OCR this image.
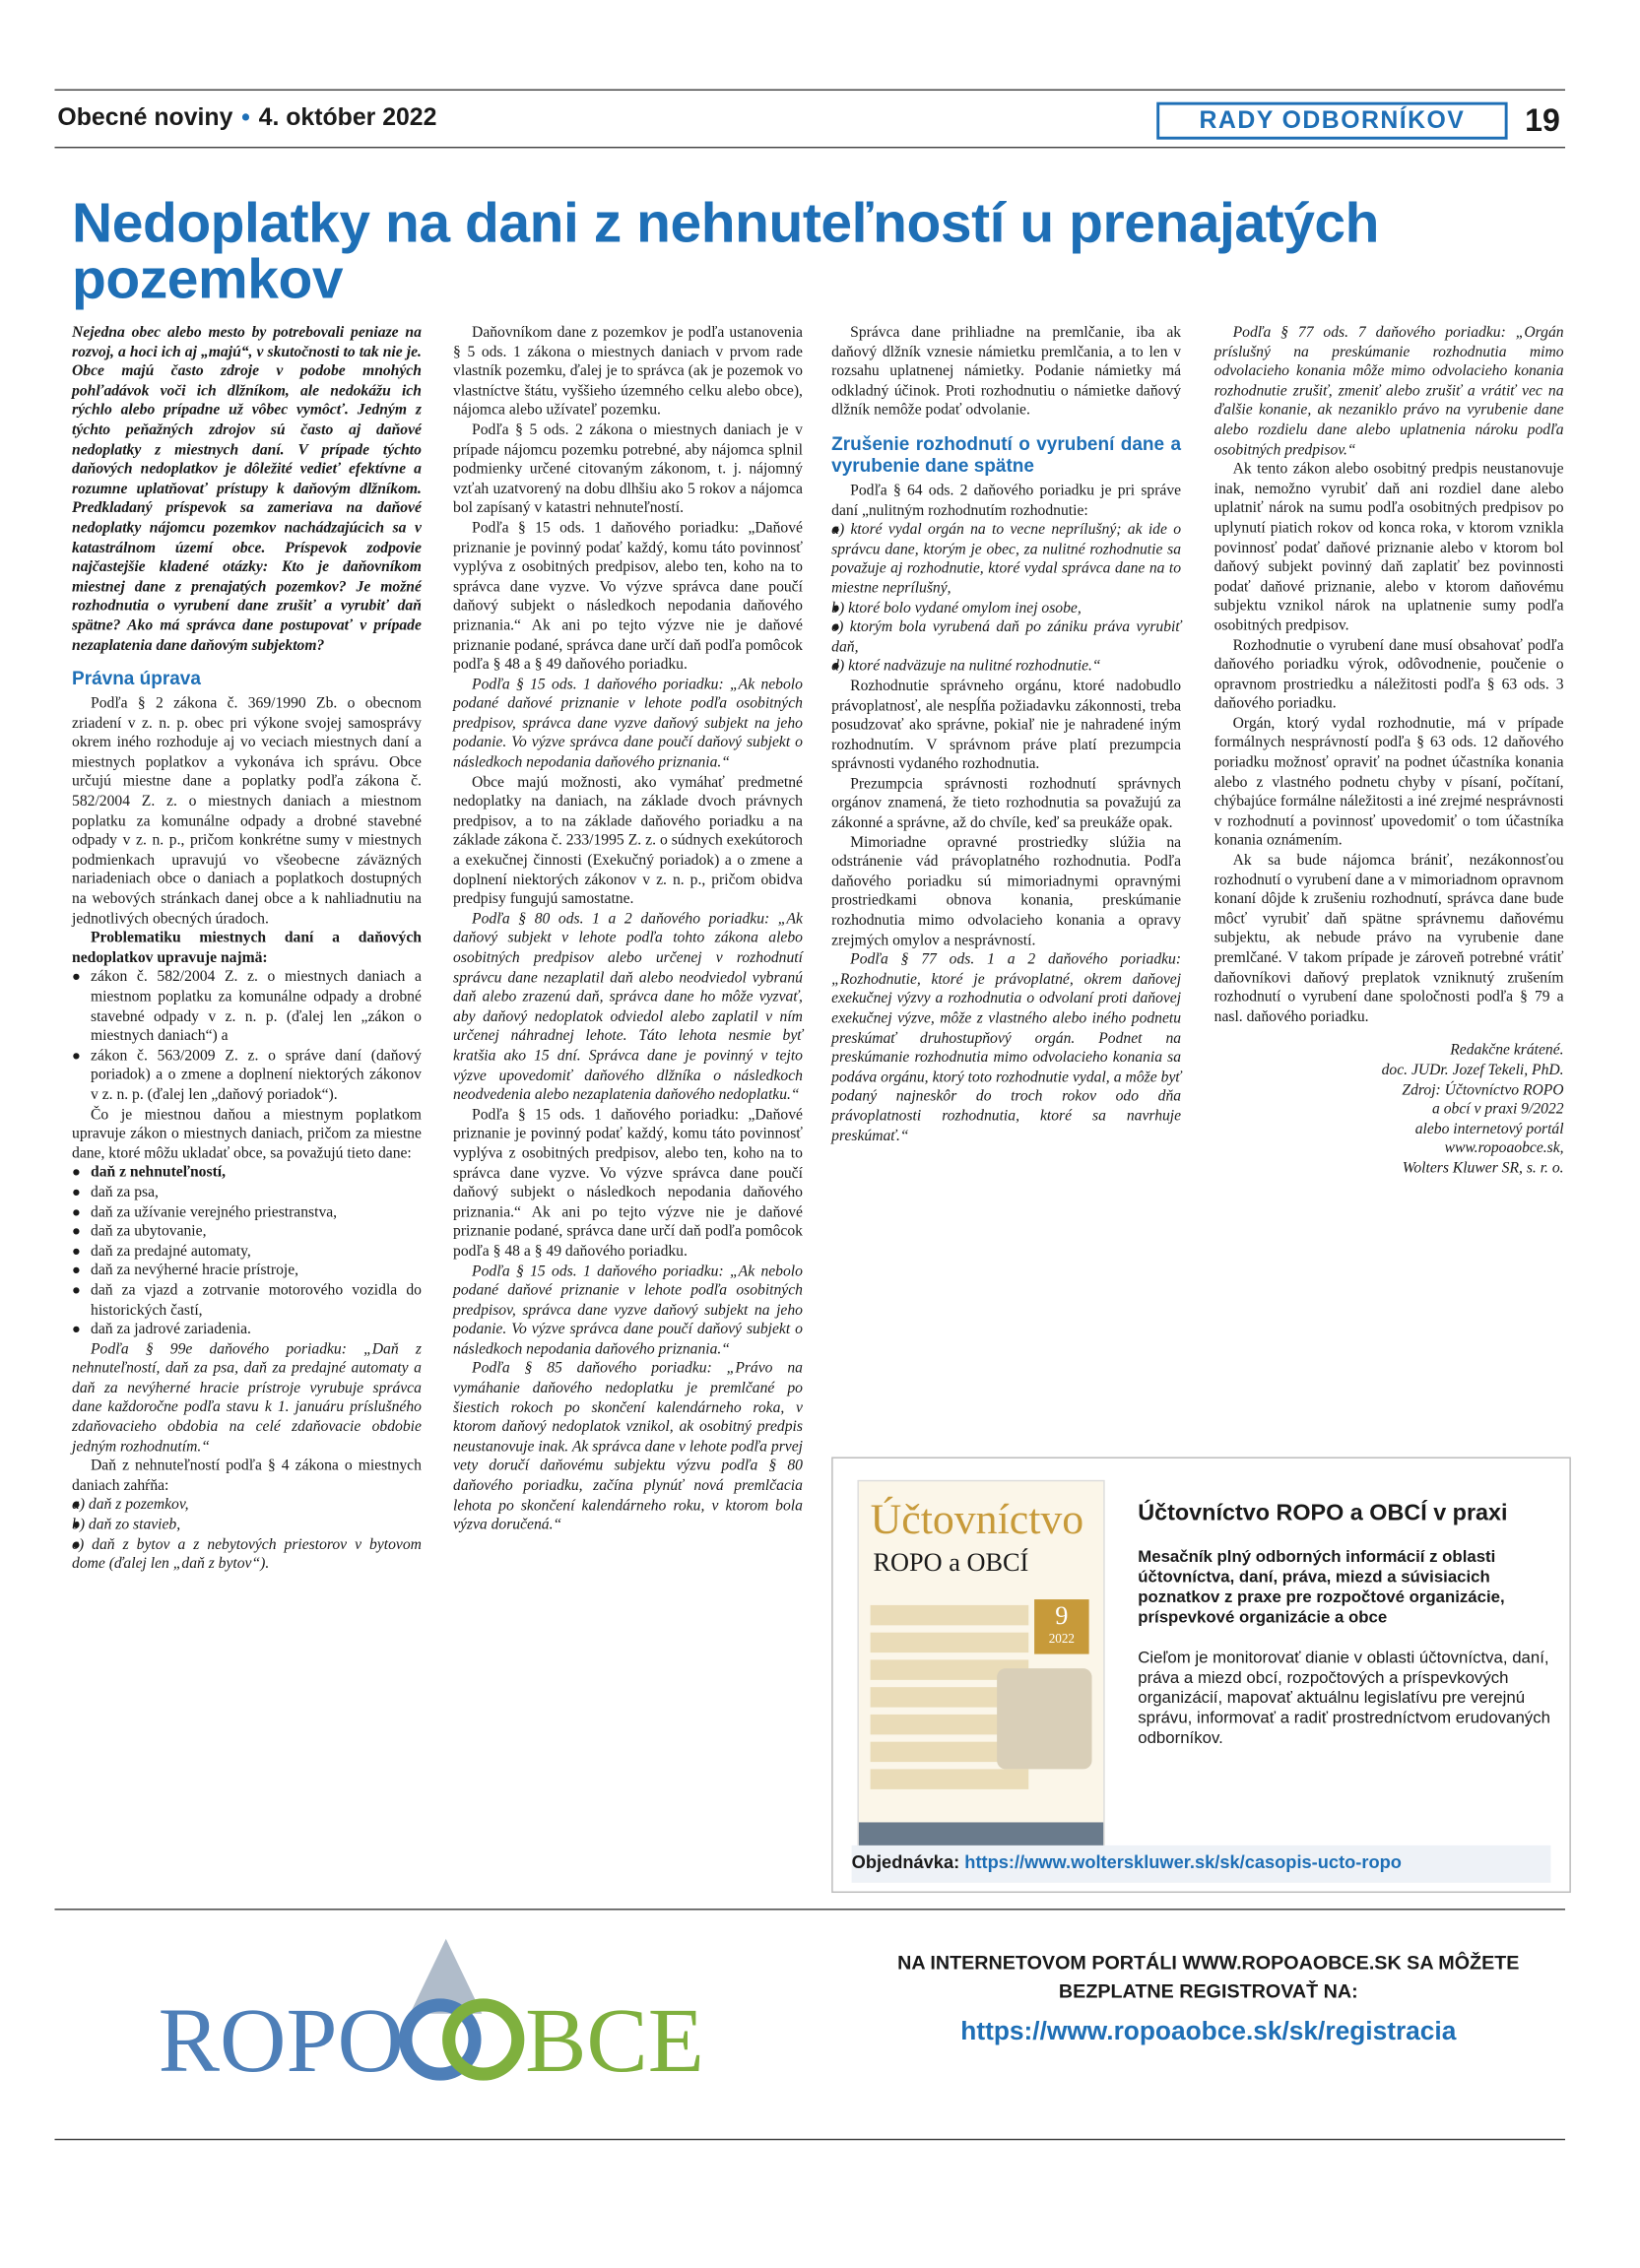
Obecné noviny • 4. október 2022	RADY ODBORNÍKOV	19
Nedoplatky na dani z nehnuteľností u prenajatých pozemkov

Nejedna obec alebo mesto by potrebovali peniaze na rozvoj, a hoci ich aj „majú“, v skutočnosti to tak nie je. Obce majú často zdroje v podobe mnohých pohľadávok voči ich dlžníkom, ale nedokážu ich rýchlo alebo prípadne už vôbec vymôcť. Jedným z týchto peňažných zdrojov sú často aj daňové nedoplatky z miestnych daní. V prípade týchto daňových nedoplatkov je dôležité vedieť efektívne a rozumne uplatňovať prístupy k daňovým dlžníkom. Predkladaný príspevok sa zameriava na daňové nedoplatky nájomcu pozemkov nachádzajúcich sa v katastrálnom území obce. Príspevok zodpovie najčastejšie kladené otázky: Kto je daňovníkom miestnej dane z prenajatých pozemkov? Je možné rozhodnutia o vyrubení dane zrušiť a vyrubiť daň spätne? Ako má správca dane postupovať v prípade nezaplatenia dane daňovým subjektom?

Právna úprava

Podľa § 2 zákona č. 369/1990 Zb. o obecnom zriadení v z. n. p. obec pri výkone svojej samosprávy okrem iného rozhoduje aj vo veciach miestnych daní a miestnych poplatkov a vykonáva ich správu. Obce určujú miestne dane a poplatky podľa zákona č. 582/2004 Z. z. o miestnych daniach a miestnom poplatku za komunálne odpady a drobné stavebné odpady v z. n. p., pričom konkrétne sumy v miestnych podmienkach upravujú vo všeobecne záväzných nariadeniach obce o daniach a poplatkoch dostupných na webových stránkach danej obce a k nahliadnutiu na jednotlivých obecných úradoch.

Problematiku miestnych daní a daňových nedoplatkov upravuje najmä:

● zákon č. 582/2004 Z. z. o miestnych daniach a miestnom poplatku za komunálne odpady a drobné stavebné odpady v z. n. p. (ďalej len „zákon o miestnych daniach“) a
● zákon č. 563/2009 Z. z. o správe daní (daňový poriadok) a o zmene a doplnení niektorých zákonov v z. n. p. (ďalej len „daňový poriadok“).

Čo je miestnou daňou a miestnym poplatkom upravuje zákon o miestnych daniach, pričom za miestne dane, ktoré môžu ukladať obce, sa považujú tieto dane:

● daň z nehnuteľností,
● daň za psa,
● daň za užívanie verejného priestranstva,
● daň za ubytovanie,
● daň za predajné automaty,
● daň za nevýherné hracie prístroje,
● daň za vjazd a zotrvanie motorového vozidla do historických častí,
● daň za jadrové zariadenia.

Podľa § 99e daňového poriadku: „Daň z nehnuteľností, daň za psa, daň za predajné automaty a daň za nevýherné hracie prístroje vyrubuje správca dane každoročne podľa stavu k 1. januáru príslušného zdaňovacieho obdobia na celé zdaňovacie obdobie jedným rozhodnutím.“

Daň z nehnuteľností podľa § 4 zákona o miestnych daniach zahŕňa:

● a) daň z pozemkov,
● b) daň zo stavieb,
● c) daň z bytov a z nebytových priestorov v bytovom dome (ďalej len „daň z bytov“).

Daňovníkom dane z pozemkov je podľa ustanovenia § 5 ods. 1 zákona o miestnych daniach v prvom rade vlastník pozemku, ďalej je to správca (ak je pozemok vo vlastníctve štátu, vyššieho územného celku alebo obce), nájomca alebo užívateľ pozemku.

Podľa § 5 ods. 2 zákona o miestnych daniach je v prípade nájomcu pozemku potrebné, aby nájomca splnil podmienky určené citovaným zákonom, t. j. nájomný vzťah uzatvorený na dobu dlhšiu ako 5 rokov a nájomca bol zapísaný v katastri nehnuteľností.

Podľa § 15 ods. 1 daňového poriadku: „Daňové priznanie je povinný podať každý, komu táto povinnosť vyplýva z osobitných predpisov, alebo ten, koho na to správca dane vyzve. Vo výzve správca dane poučí daňový subjekt o následkoch nepodania daňového priznania.“ Ak ani po tejto výzve nie je daňové priznanie podané, správca dane určí daň podľa pomôcok podľa § 48 a § 49 daňového poriadku.

Podľa § 15 ods. 1 daňového poriadku: „Ak nebolo podané daňové priznanie v lehote podľa osobitných predpisov, správca dane vyzve daňový subjekt na jeho podanie. Vo výzve správca dane poučí daňový subjekt o následkoch nepodania daňového priznania.“

Obce majú možnosti, ako vymáhať predmetné nedoplatky na daniach, na základe dvoch právnych predpisov, a to na základe daňového poriadku a na základe zákona č. 233/1995 Z. z. o súdnych exekútoroch a exekučnej činnosti (Exekučný poriadok) a o zmene a doplnení niektorých zákonov v z. n. p., pričom obidva predpisy fungujú samostatne.

Podľa § 80 ods. 1 a 2 daňového poriadku: „Ak daňový subjekt v lehote podľa tohto zákona alebo osobitných predpisov alebo určenej v rozhodnutí správcu dane nezaplatil daň alebo neodviedol vybranú daň alebo zrazenú daň, správca dane ho môže vyzvať, aby daňový nedoplatok odviedol alebo zaplatil v ním určenej náhradnej lehote. Táto lehota nesmie byť kratšia ako 15 dní. Správca dane je povinný v tejto výzve upovedomiť daňového dlžníka o následkoch neodvedenia alebo nezaplatenia daňového nedoplatku.“

Podľa § 15 ods. 1 daňového poriadku: „Daňové priznanie je povinný podať každý, komu táto povinnosť vyplýva z osobitných predpisov, alebo ten, koho na to správca dane vyzve. Vo výzve správca dane poučí daňový subjekt o následkoch nepodania daňového priznania.“ Ak ani po tejto výzve nie je daňové priznanie podané, správca dane určí daň podľa pomôcok podľa § 48 a § 49 daňového poriadku.

Podľa § 15 ods. 1 daňového poriadku: „Ak nebolo podané daňové priznanie v lehote podľa osobitných predpisov, správca dane vyzve daňový subjekt na jeho podanie. Vo výzve správca dane poučí daňový subjekt o následkoch nepodania daňového priznania.“

Podľa § 85 daňového poriadku: „Právo na vymáhanie daňového nedoplatku je premlčané po šiestich rokoch po skončení kalendárneho roka, v ktorom daňový nedoplatok vznikol, ak osobitný predpis neustanovuje inak. Ak správca dane v lehote podľa prvej vety doručí daňovému subjektu výzvu podľa § 80 daňového poriadku, začína plynúť nová premlčacia lehota po skončení kalendárneho roku, v ktorom bola výzva doručená.“

Správca dane prihliadne na premlčanie, iba ak daňový dlžník vznesie námietku premlčania, a to len v rozsahu uplatnenej námietky. Podanie námietky má odkladný účinok. Proti rozhodnutiu o námietke daňový dlžník nemôže podať odvolanie.

Zrušenie rozhodnutí o vyrubení dane a vyrubenie dane spätne

Podľa § 64 ods. 2 daňového poriadku je pri správe daní „nulitným rozhodnutím rozhodnutie:

● a) ktoré vydal orgán na to vecne neprílušný; ak ide o správcu dane, ktorým je obec, za nulitné rozhodnutie sa považuje aj rozhodnutie, ktoré vydal správca dane na to miestne neprílušný,
● b) ktoré bolo vydané omylom inej osobe,
● c) ktorým bola vyrubená daň po zániku práva vyrubiť daň,
● d) ktoré nadväzuje na nulitné rozhodnutie.“

Rozhodnutie správneho orgánu, ktoré nadobudlo právoplatnosť, ale nespĺňa požiadavku zákonnosti, treba posudzovať ako správne, pokiaľ nie je nahradené iným rozhodnutím. V správnom práve platí prezumpcia správnosti vydaného rozhodnutia.

Prezumpcia správnosti rozhodnutí správnych orgánov znamená, že tieto rozhodnutia sa považujú za zákonné a správne, až do chvíle, keď sa preukáže opak.

Mimoriadne opravné prostriedky slúžia na odstránenie vád právoplatného rozhodnutia. Podľa daňového poriadku sú mimoriadnymi opravnými prostriedkami obnova konania, preskúmanie rozhodnutia mimo odvolacieho konania a opravy zrejmých omylov a nesprávností.

Podľa § 77 ods. 1 a 2 daňového poriadku: „Rozhodnutie, ktoré je právoplatné, okrem daňovej exekučnej výzvy a rozhodnutia o odvolaní proti daňovej exekučnej výzve, môže z vlastného alebo iného podnetu preskúmať druhostupňový orgán. Podnet na preskúmanie rozhodnutia mimo odvolacieho konania sa podáva orgánu, ktorý toto rozhodnutie vydal, a môže byť podaný najneskôr do troch rokov odo dňa právoplatnosti rozhodnutia, ktoré sa navrhuje preskúmať.“

Podľa § 77 ods. 7 daňového poriadku: „Orgán príslušný na preskúmanie rozhodnutia mimo odvolacieho konania môže mimo odvolacieho konania rozhodnutie zrušiť, zmeniť alebo zrušiť a vrátiť vec na ďalšie konanie, ak nezaniklo právo na vyrubenie dane alebo rozdielu dane alebo uplatnenia nároku podľa osobitných predpisov.“

Ak tento zákon alebo osobitný predpis neustanovuje inak, nemožno vyrubiť daň ani rozdiel dane alebo uplatniť nárok na sumu podľa osobitných predpisov po uplynutí piatich rokov od konca roka, v ktorom vznikla povinnosť podať daňové priznanie alebo v ktorom bol daňový subjekt povinný daň zaplatiť bez povinnosti podať daňové priznanie, alebo v ktorom daňovému subjektu vznikol nárok na uplatnenie sumy podľa osobitných predpisov.

Rozhodnutie o vyrubení dane musí obsahovať podľa daňového poriadku výrok, odôvodnenie, poučenie o opravnom prostriedku a náležitosti podľa § 63 ods. 3 daňového poriadku.

Orgán, ktorý vydal rozhodnutie, má v prípade formálnych nesprávností podľa § 63 ods. 12 daňového poriadku možnosť opraviť na podnet účastníka konania alebo z vlastného podnetu chyby v písaní, počítaní, chýbajúce formálne náležitosti a iné zrejmé nesprávnosti v rozhodnutí a povinnosť upovedomiť o tom účastníka konania oznámením.

Ak sa bude nájomca brániť, nezákonnosťou rozhodnutí o vyrubení dane a v mimoriadnom opravnom konaní dôjde k zrušeniu rozhodnutí, správca dane bude môcť vyrubiť daň spätne správnemu daňovému subjektu, ak nebude právo na vyrubenie dane premlčané. V takom prípade je zároveň potrebné vrátiť daňovníkovi daňový preplatok vzniknutý zrušením rozhodnutí o vyrubení dane spoločnosti podľa § 79 a nasl. daňového poriadku.

Redakčne krátené.

doc. JUDr. Jozef Tekeli, PhD.

Zdroj: Účtovníctvo ROPO

a obcí v praxi 9/2022

alebo internetový portál

www.ropoaobce.sk,

Wolters Kluwer SR, s. r. o.

Účtovníctvo
ROPO a OBCÍ
9
2022
Účtovníctvo ROPO a OBCÍ v praxi
Mesačník plný odborných informácií z oblasti účtovníctva, daní, práva, miezd a súvisiacich poznatkov z praxe pre rozpočtové organizácie, príspevkové organizácie a obce
Cieľom je monitorovať dianie v oblasti účtovníctva, daní, práva a miezd obcí, rozpočtových a príspevkových organizácií, mapovať aktuálnu legislatívu pre verejnú správu, informovať a radiť prostredníctvom erudovaných odborníkov.
Objednávka: https://www.wolterskluwer.sk/sk/casopis-ucto-ropo
ROPO BCE
NA INTERNETOVOM PORTÁLI WWW.ROPOAOBCE.SK SA MÔŽETE
BEZPLATNE REGISTROVAŤ NA:
https://www.ropoaobce.sk/sk/registracia
